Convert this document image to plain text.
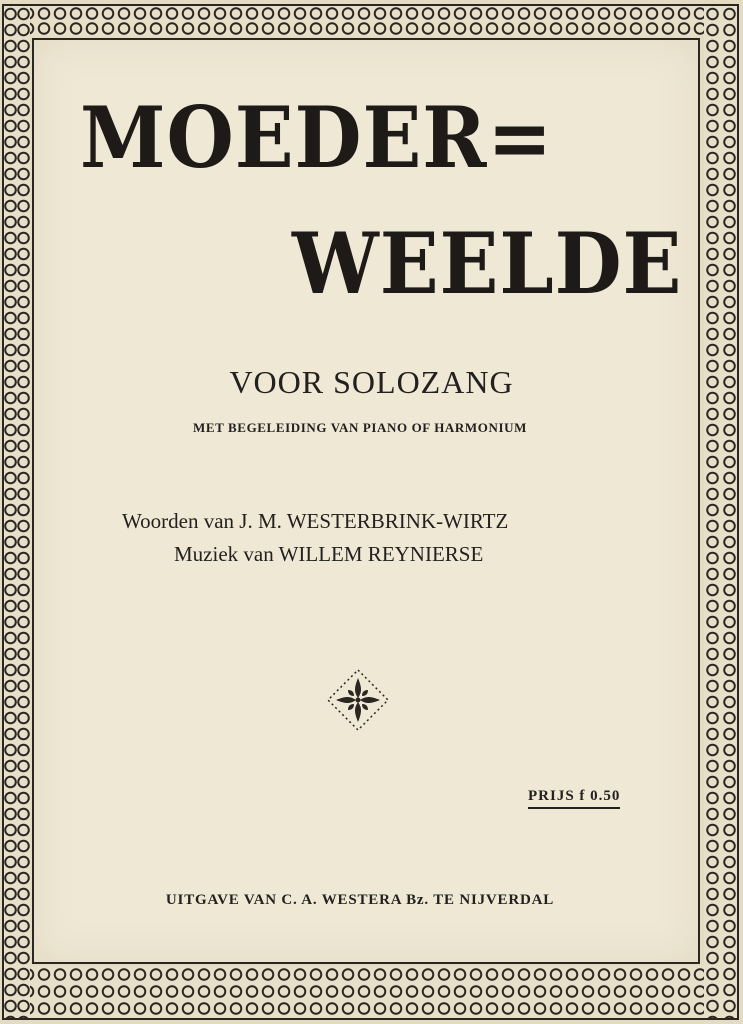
MOEDER=
WEELDE
VOOR SOLOZANG
MET BEGELEIDING VAN PIANO OF HARMONIUM
Woorden van J. M. WESTERBRINK-WIRTZ
Muziek van WILLEM REYNIERSE
PRIJS f 0.50
UITGAVE VAN C. A. WESTERA Bz. TE NIJVERDAL
